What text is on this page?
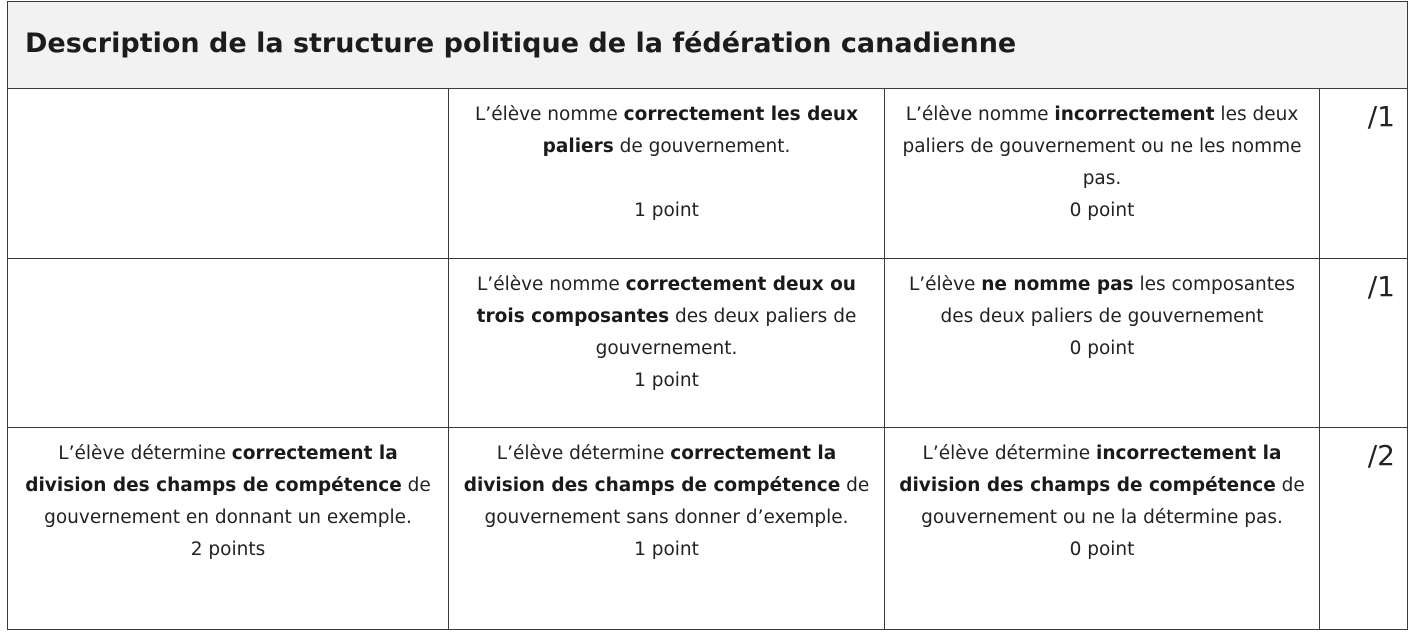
Description de la structure politique de la fédération canadienne
L’élève nomme correctement les deux paliers de gouvernement.
1 point
L’élève nomme incorrectement les deux paliers de gouvernement ou ne les nomme pas.
0 point
/1
L’élève nomme correctement deux ou trois composantes des deux paliers de gouvernement.
1 point
L’élève ne nomme pas les composantes des deux paliers de gouvernement
0 point
/1
L’élève détermine correctement la division des champs de compétence de gouvernement en donnant un exemple.
2 points
L’élève détermine correctement la division des champs de compétence de gouvernement sans donner d’exemple.
1 point
L’élève détermine incorrectement la division des champs de compétence de gouvernement ou ne la détermine pas.
0 point
/2
